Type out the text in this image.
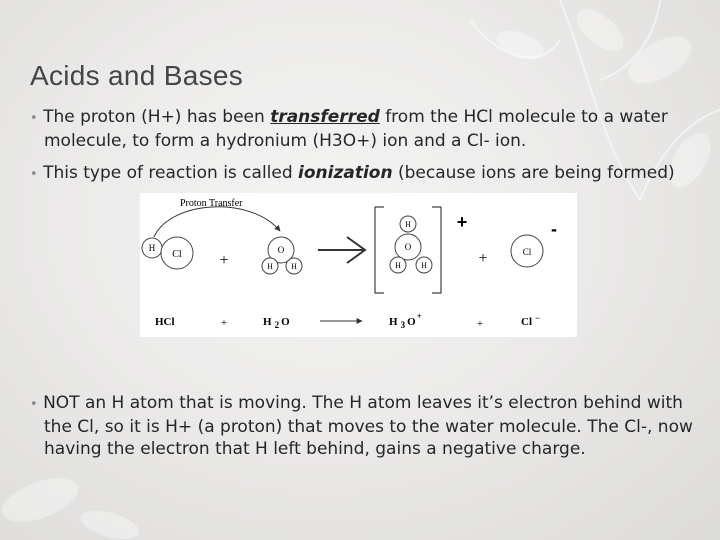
Acids and Bases

• The proton (H+) has been transferred from the HCl molecule to a water molecule, to form a hydronium (H3O+) ion and a Cl- ion.

• This type of reaction is called ionization (because ions are being formed)

Proton Transfer
H
Cl +
O
H H
H
O
H	H
+
+	Cl
-
HCl	+	H $_2$ O	H $_3$ O+
+	Cl −

• NOT an H atom that is moving. The H atom leaves it’s electron behind with the Cl, so it is H+ (a proton) that moves to the water molecule. The Cl-, now having the electron that H left behind, gains a negative charge.
